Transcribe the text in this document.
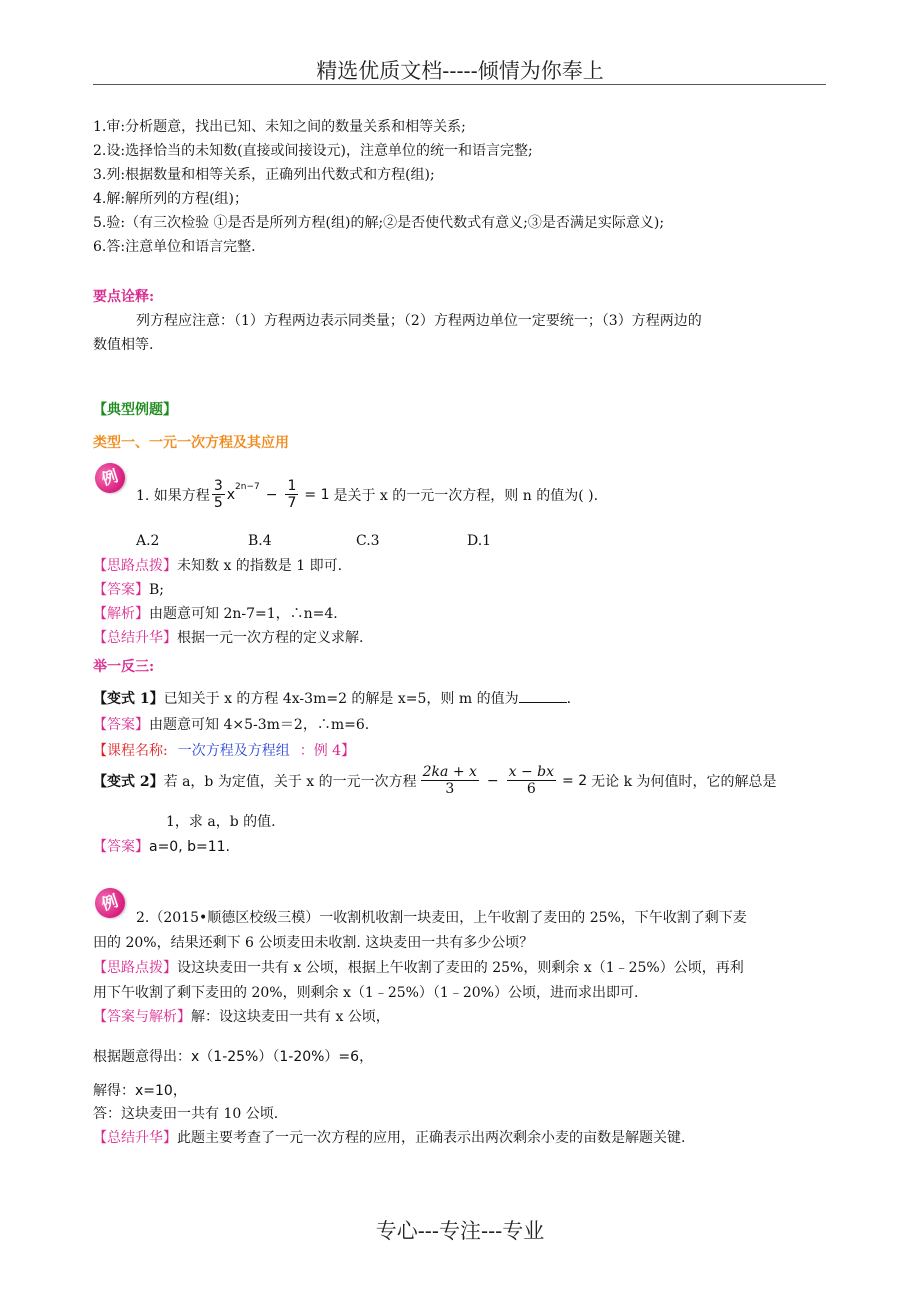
精选优质文档-----倾情为你奉上
1.审:分析题意，找出已知、未知之间的数量关系和相等关系;
2.设:选择恰当的未知数(直接或间接设元)，注意单位的统一和语言完整;
3.列:根据数量和相等关系，正确列出代数式和方程(组);
4.解:解所列的方程(组)；
5.验:（有三次检验 ①是否是所列方程(组)的解;②是否使代数式有意义;③是否满足实际意义);
6.答:注意单位和语言完整.
要点诠释:
列方程应注意：（1）方程两边表示同类量；（2）方程两边单位一定要统一；（3）方程两边的
数值相等.
【典型例题】
类型一、一元一次方程及其应用
例
1. 如果方程 $\frac{3}{5} x^{2n-7} - \frac{1}{7} = 1$ 是关于 x 的一元一次方程，则 n 的值为( ).
A.2	B.4	C.3	D.1
【思路点拨】未知数 x 的指数是 1 即可.
【答案】B;
【解析】由题意可知 2n-7=1，∴n=4.
【总结升华】根据一元一次方程的定义求解.
举一反三:
【变式 1】已知关于 x 的方程 4x-3m=2 的解是 x=5，则 m 的值为	.
【答案】由题意可知 4×5-3m＝2，∴m=6.
【课程名称: 一次方程及方程组 ：例 4】
【变式 2】 若 a，b 为定值，关于 x 的一元一次方程 $\frac{2ka + x}{3} - \frac{x - bx}{6} = 2$ 无论 k 为何值时，它的解总是
1，求 a，b 的值.
【答案】a=0, b=11.
例
2.（2015•顺德区校级三模）一收割机收割一块麦田，上午收割了麦田的 25%，下午收割了剩下麦
田的 20%，结果还剩下 6 公顷麦田未收割. 这块麦田一共有多少公顷？
【思路点拨】设这块麦田一共有 x 公顷，根据上午收割了麦田的 25%，则剩余 x（1﹣25%）公顷，再利
用下午收割了剩下麦田的 20%，则剩余 x（1﹣25%）（1﹣20%）公顷，进而求出即可.
【答案与解析】解：设这块麦田一共有 x 公顷，
根据题意得出：x（1-25%）（1-20%）=6，
解得：x=10，
答：这块麦田一共有 10 公顷.
【总结升华】此题主要考查了一元一次方程的应用，正确表示出两次剩余小麦的亩数是解题关键.
专心---专注---专业
